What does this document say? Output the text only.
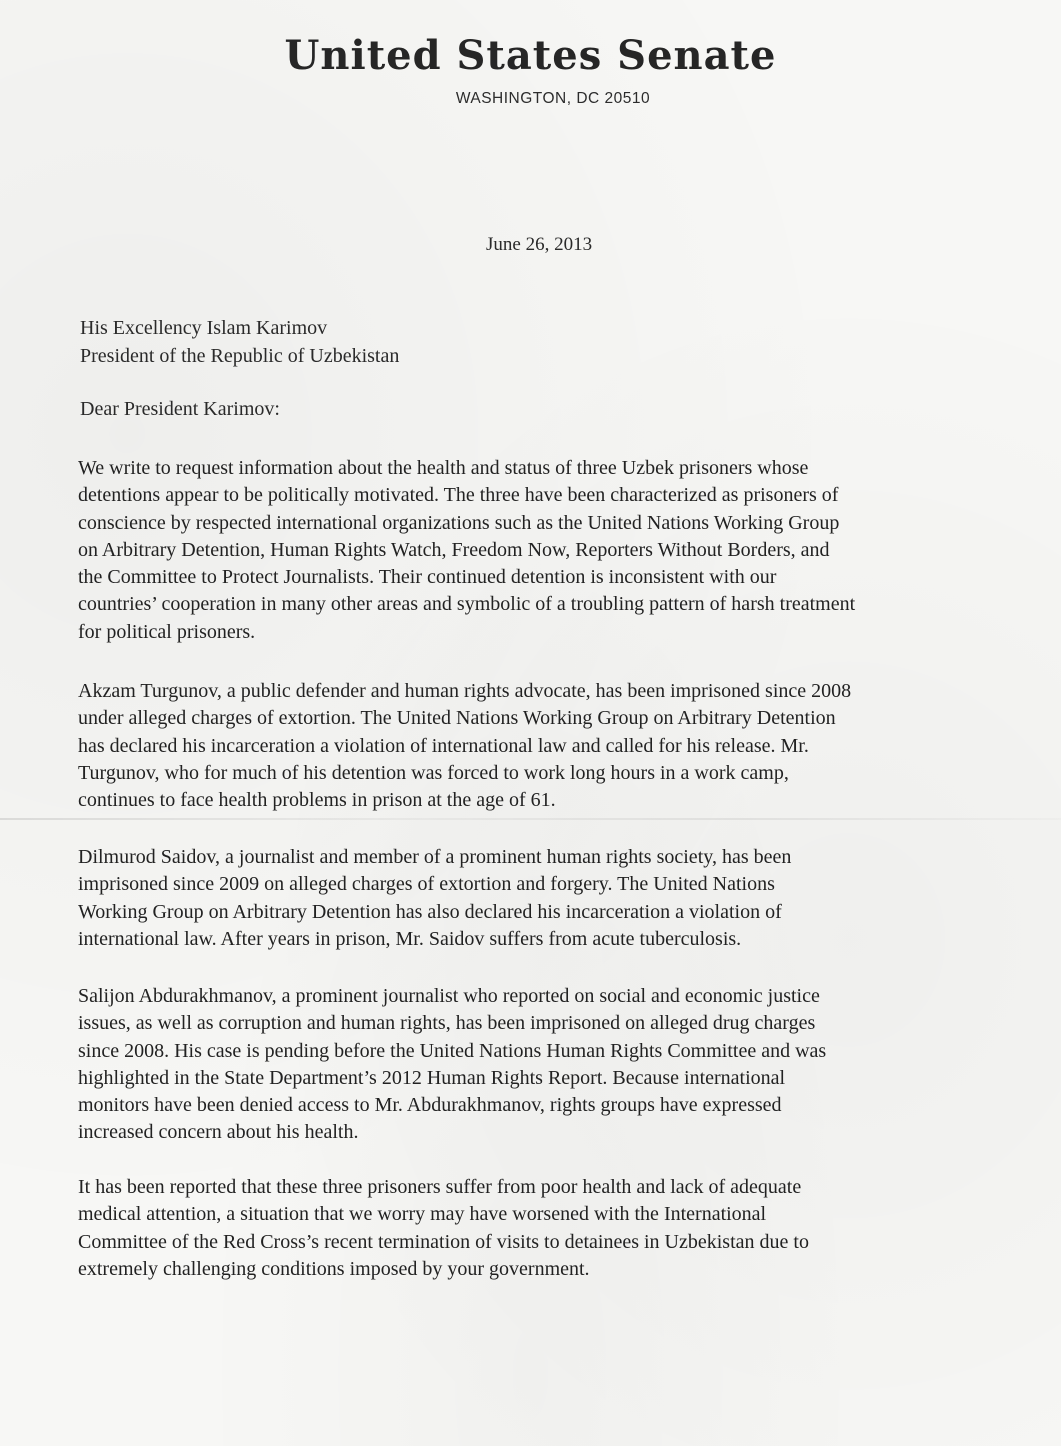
United States Senate
WASHINGTON, DC 20510
June 26, 2013
His Excellency Islam Karimov
President of the Republic of Uzbekistan
Dear President Karimov:
We write to request information about the health and status of three Uzbek prisoners whose
detentions appear to be politically motivated. The three have been characterized as prisoners of
conscience by respected international organizations such as the United Nations Working Group
on Arbitrary Detention, Human Rights Watch, Freedom Now, Reporters Without Borders, and
the Committee to Protect Journalists. Their continued detention is inconsistent with our
countries’ cooperation in many other areas and symbolic of a troubling pattern of harsh treatment
for political prisoners.
Akzam Turgunov, a public defender and human rights advocate, has been imprisoned since 2008
under alleged charges of extortion. The United Nations Working Group on Arbitrary Detention
has declared his incarceration a violation of international law and called for his release. Mr.
Turgunov, who for much of his detention was forced to work long hours in a work camp,
continues to face health problems in prison at the age of 61.
Dilmurod Saidov, a journalist and member of a prominent human rights society, has been
imprisoned since 2009 on alleged charges of extortion and forgery. The United Nations
Working Group on Arbitrary Detention has also declared his incarceration a violation of
international law. After years in prison, Mr. Saidov suffers from acute tuberculosis.
Salijon Abdurakhmanov, a prominent journalist who reported on social and economic justice
issues, as well as corruption and human rights, has been imprisoned on alleged drug charges
since 2008. His case is pending before the United Nations Human Rights Committee and was
highlighted in the State Department’s 2012 Human Rights Report. Because international
monitors have been denied access to Mr. Abdurakhmanov, rights groups have expressed
increased concern about his health.
It has been reported that these three prisoners suffer from poor health and lack of adequate
medical attention, a situation that we worry may have worsened with the International
Committee of the Red Cross’s recent termination of visits to detainees in Uzbekistan due to
extremely challenging conditions imposed by your government.
